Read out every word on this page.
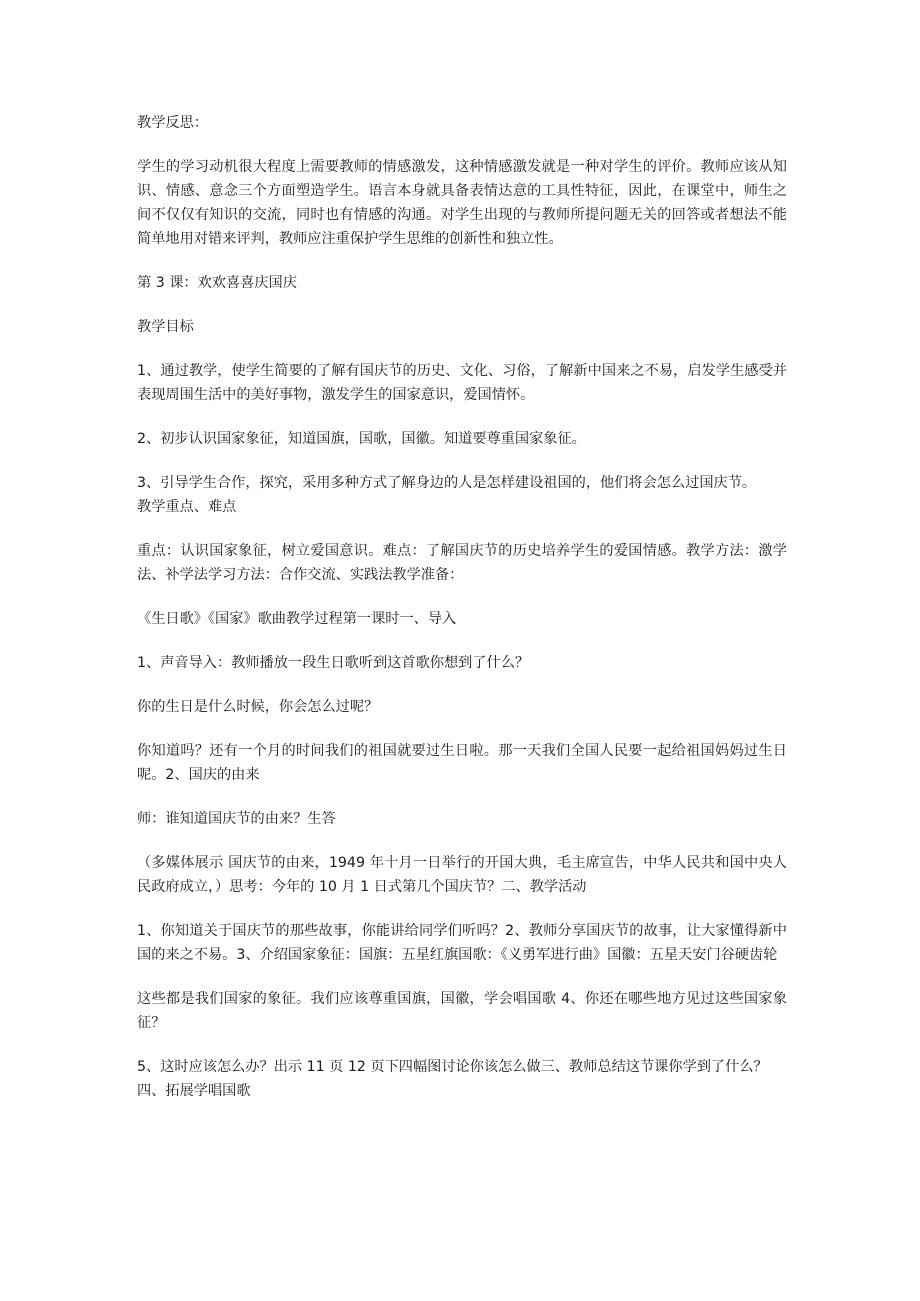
教学反思：

学生的学习动机很大程度上需要教师的情感激发，这种情感激发就是一种对学生的评价。教师应该从知识、情感、意念三个方面塑造学生。语言本身就具备表情达意的工具性特征，因此，在课堂中，师生之间不仅仅有知识的交流，同时也有情感的沟通。对学生出现的与教师所提问题无关的回答或者想法不能简单地用对错来评判，教师应注重保护学生思维的创新性和独立性。

第 3 课：欢欢喜喜庆国庆

教学目标

1、通过教学，使学生简要的了解有国庆节的历史、文化、习俗，了解新中国来之不易，启发学生感受并表现周围生活中的美好事物，激发学生的国家意识，爱国情怀。

2、初步认识国家象征，知道国旗，国歌，国徽。知道要尊重国家象征。

3、引导学生合作，探究，采用多种方式了解身边的人是怎样建设祖国的，他们将会怎么过国庆节。

教学重点、难点

重点：认识国家象征，树立爱国意识。难点：了解国庆节的历史培养学生的爱国情感。教学方法：激学法、补学法学习方法：合作交流、实践法教学准备：

《生日歌》《国家》歌曲教学过程第一课时一、导入

1、声音导入：教师播放一段生日歌听到这首歌你想到了什么？

你的生日是什么时候，你会怎么过呢？

你知道吗？还有一个月的时间我们的祖国就要过生日啦。那一天我们全国人民要一起给祖国妈妈过生日呢。2、国庆的由来

师：谁知道国庆节的由来？生答

（多媒体展示 国庆节的由来，1949 年十月一日举行的开国大典，毛主席宣告，中华人民共和国中央人民政府成立，）思考：今年的 10 月 1 日式第几个国庆节？二、教学活动

1、你知道关于国庆节的那些故事，你能讲给同学们听吗？2、教师分享国庆节的故事，让大家懂得新中国的来之不易。3、介绍国家象征：国旗：五星红旗国歌：《义勇军进行曲》国徽：五星天安门谷硬齿轮

这些都是我们国家的象征。我们应该尊重国旗，国徽，学会唱国歌 4、你还在哪些地方见过这些国家象征？

5、这时应该怎么办？出示 11 页 12 页下四幅图讨论你该怎么做三、教师总结这节课你学到了什么？

四、拓展学唱国歌
